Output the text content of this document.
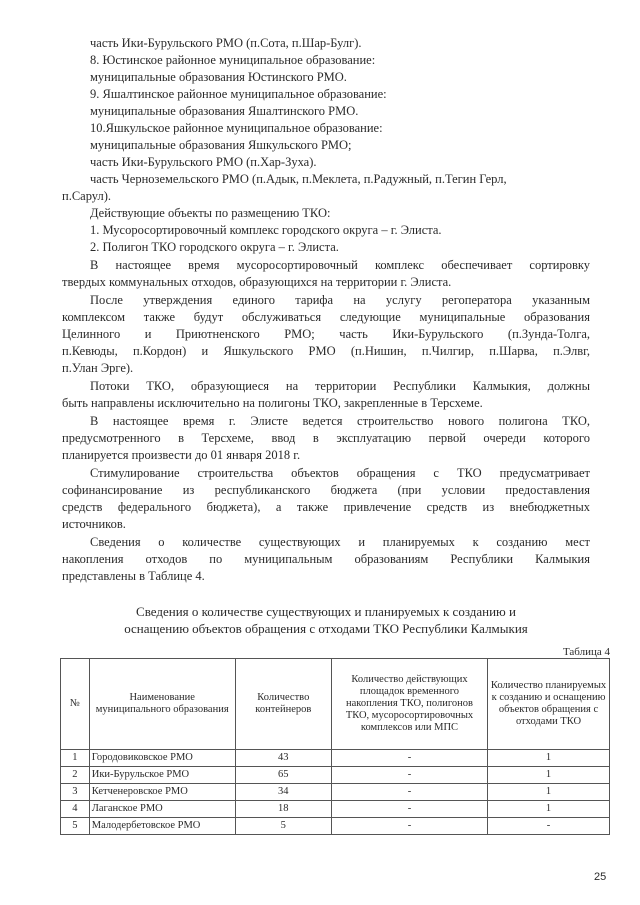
часть Ики-Бурульского РМО (п.Сота, п.Шар-Булг).
8. Юстинское районное муниципальное образование:
муниципальные образования Юстинского РМО.
9. Яшалтинское районное муниципальное образование:
муниципальные образования Яшалтинского РМО.
10.Яшкульское районное муниципальное образование:
муниципальные образования Яшкульского РМО;
часть Ики-Бурульского РМО (п.Хар-Зуха).
часть Черноземельского РМО (п.Адык, п.Меклета, п.Радужный, п.Тегин Герл,
п.Сарул).
Действующие объекты по размещению ТКО:
1. Мусоросортировочный комплекс городского округа – г. Элиста.
2. Полигон ТКО городского округа – г. Элиста.
В настоящее время мусоросортировочный комплекс обеспечивает сортировку
твердых коммунальных отходов, образующихся на территории г. Элиста.
После утверждения единого тарифа на услугу регоператора указанным
комплексом также будут обслуживаться следующие муниципальные образования
Целинного и Приютненского РМО; часть Ики-Бурульского (п.Зунда-Толга,
п.Кевюды, п.Кордон) и Яшкульского РМО (п.Нишин, п.Чилгир, п.Шарва, п.Элвг,
п.Улан Эрге).
Потоки ТКО, образующиеся на территории Республики Калмыкия, должны
быть направлены исключительно на полигоны ТКО, закрепленные в Терсхеме.
В настоящее время г. Элисте ведется строительство нового полигона ТКО,
предусмотренного в Терсхеме, ввод в эксплуатацию первой очереди которого
планируется произвести до 01 января 2018 г.
Стимулирование строительства объектов обращения с ТКО предусматривает
софинансирование из республиканского бюджета (при условии предоставления
средств федерального бюджета), а также привлечение средств из внебюджетных
источников.
Сведения о количестве существующих и планируемых к созданию мест
накопления отходов по муниципальным образованиям Республики Калмыкия
представлены в Таблице 4.
Сведения о количестве существующих и планируемых к созданию и
оснащению объектов обращения с отходами ТКО Республики Калмыкия
Таблица 4
№	Наименование муниципального образования	Количество контейнеров	Количество действующих площадок временного накопления ТКО, полигонов ТКО, мусоросортировочных комплексов или МПС	Количество планируемых к созданию и оснащению объектов обращения с отходами ТКО
1	Городовиковское РМО	43	-	1
2	Ики-Бурульское РМО	65	-	1
3	Кетченеровское РМО	34	-	1
4	Лаганское РМО	18	-	1
5	Малодербетовское РМО	5	-	-
25
